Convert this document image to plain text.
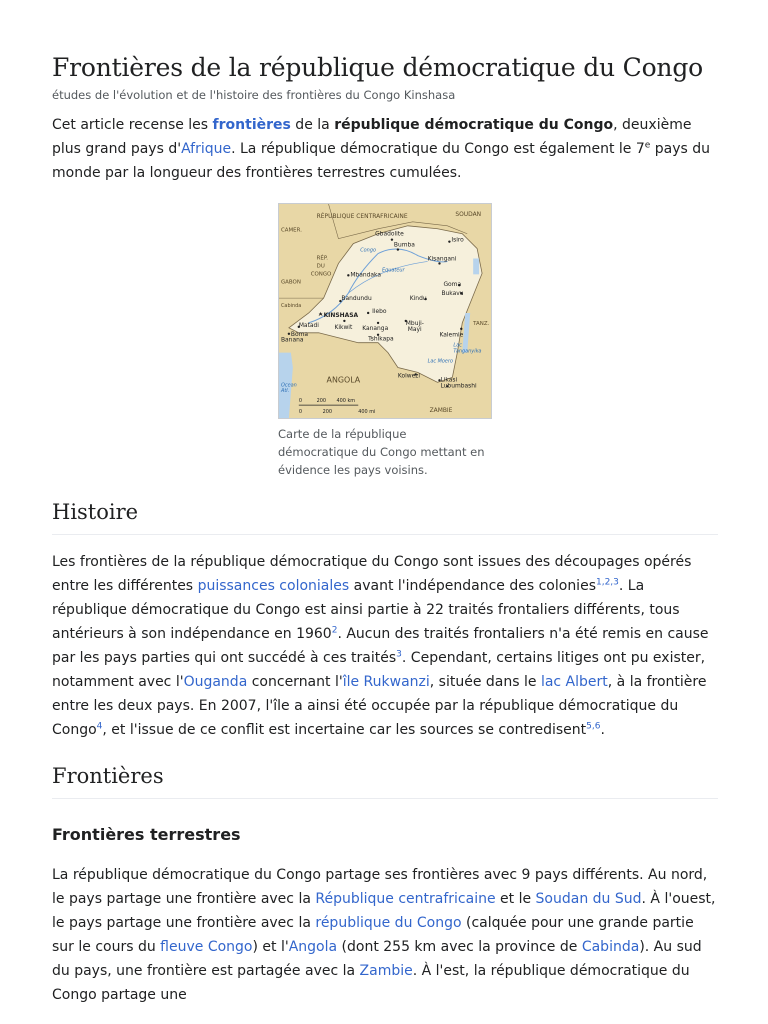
Frontières de la république démocratique du Congo
études de l'évolution et de l'histoire des frontières du Congo Kinshasa

Cet article recense les frontières de la république démocratique du Congo, deuxième plus grand pays d'Afrique. La république démocratique du Congo est également le 7e pays du monde par la longueur des frontières terrestres cumulées.

RÉPUBLIQUE CENTRAFRICAINE	SOUDAN
CAMER.
RÉP.
DU
CONGO
GABON
ANGOLA
ZAMBIE
TANZ.
Cabinda
Gbadolite
Bumba
Isiro
Kisangani
Mbandaka
Goma
Bukavu
Bandundu
Ilebo
Kindu
KINSHASA
Matadi
Boma
Banana
Kikwit Kananga
Tshikapa
Mbuji-
Mayi
Kalemie
Kolwezi
Likasi
Lubumbashi
Congo
Equateur
Lac
Tanganyika
Lac Moero
Ocean
Atl.
0	200 400 km
0	200	400 mi
Carte de la république démocratique du Congo mettant en évidence les pays voisins.
Histoire

Les frontières de la république démocratique du Congo sont issues des découpages opérés entre les différentes puissances coloniales avant l'indépendance des colonies$^{1,2,3}$. La république démocratique du Congo est ainsi partie à 22 traités frontaliers différents, tous antérieurs à son indépendance en 1960$^2$. Aucun des traités frontaliers n'a été remis en cause par les pays parties qui ont succédé à ces traités$^3$. Cependant, certains litiges ont pu exister, notamment avec l'Ouganda concernant l'île Rukwanzi, située dans le lac Albert, à la frontière entre les deux pays. En 2007, l'île a ainsi été occupée par la république démocratique du Congo$^4$, et l'issue de ce conflit est incertaine car les sources se contredisent$^{5,6}$.

Frontières
Frontières terrestres

La république démocratique du Congo partage ses frontières avec 9 pays différents. Au nord, le pays partage une frontière avec la République centrafricaine et le Soudan du Sud. À l'ouest, le pays partage une frontière avec la république du Congo (calquée pour une grande partie sur le cours du fleuve Congo) et l'Angola (dont 255 km avec la province de Cabinda). Au sud du pays, une frontière est partagée avec la Zambie. À l'est, la république démocratique du Congo partage une
